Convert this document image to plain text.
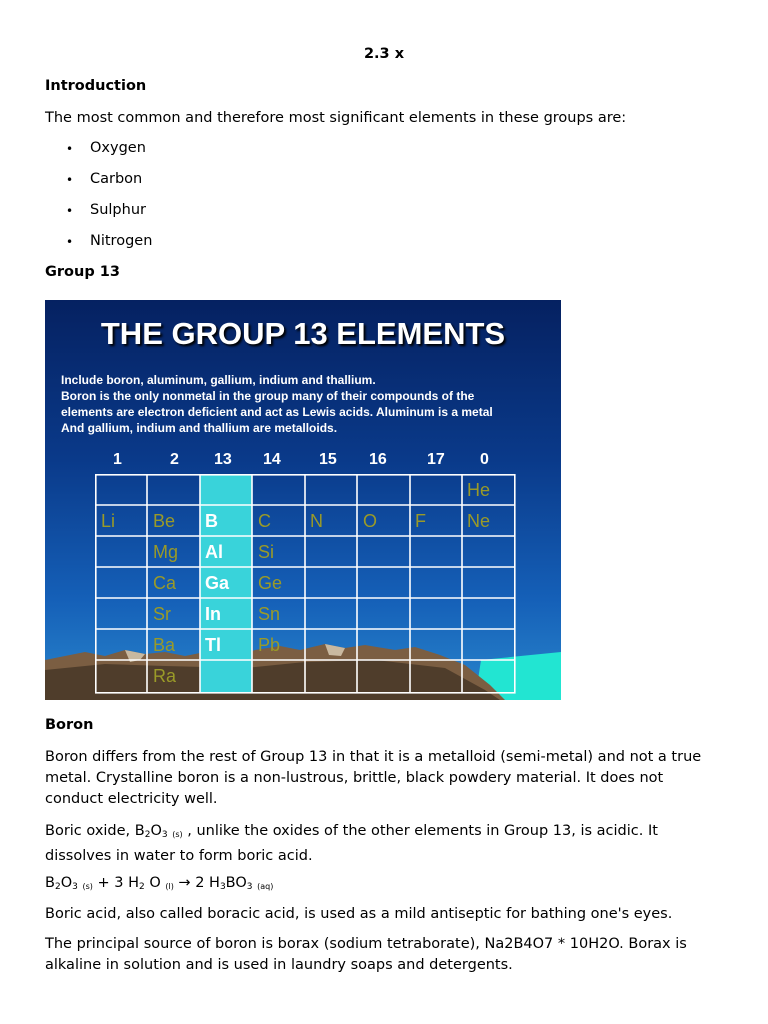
2.3 x
Introduction
The most common and therefore most significant elements in these groups are:
• Oxygen
• Carbon
• Sulphur
• Nitrogen
Group 13
THE GROUP 13 ELEMENTS
Include boron, aluminum, gallium, indium and thallium.
Boron is the only nonmetal in the group many of their compounds of the
elements are electron deficient and act as Lewis acids. Aluminum is a metal
And gallium, indium and thallium are metalloids.
1	2 13 14 15 16	17 0
He
Li Be B C N O F Ne
Mg Al Si
Ca Ga Ge
Sr In Sn
Ba Tl Pb
Ra
Boron
Boron differs from the rest of Group 13 in that it is a metalloid (semi-metal) and not a true metal. Crystalline boron is a non-lustrous, brittle, black powdery material. It does not conduct electricity well.
Boric oxide, $B_2O_3$ (s) , unlike the oxides of the other elements in Group 13, is acidic. It dissolves in water to form boric acid.
$B_2O_3$ (s) + 3 $H_2$ O (l) → 2 $H_3BO_3$ (aq)
Boric acid, also called boracic acid, is used as a mild antiseptic for bathing one's eyes.
The principal source of boron is borax (sodium tetraborate), Na2B4O7 * 10H2O. Borax is alkaline in solution and is used in laundry soaps and detergents.
